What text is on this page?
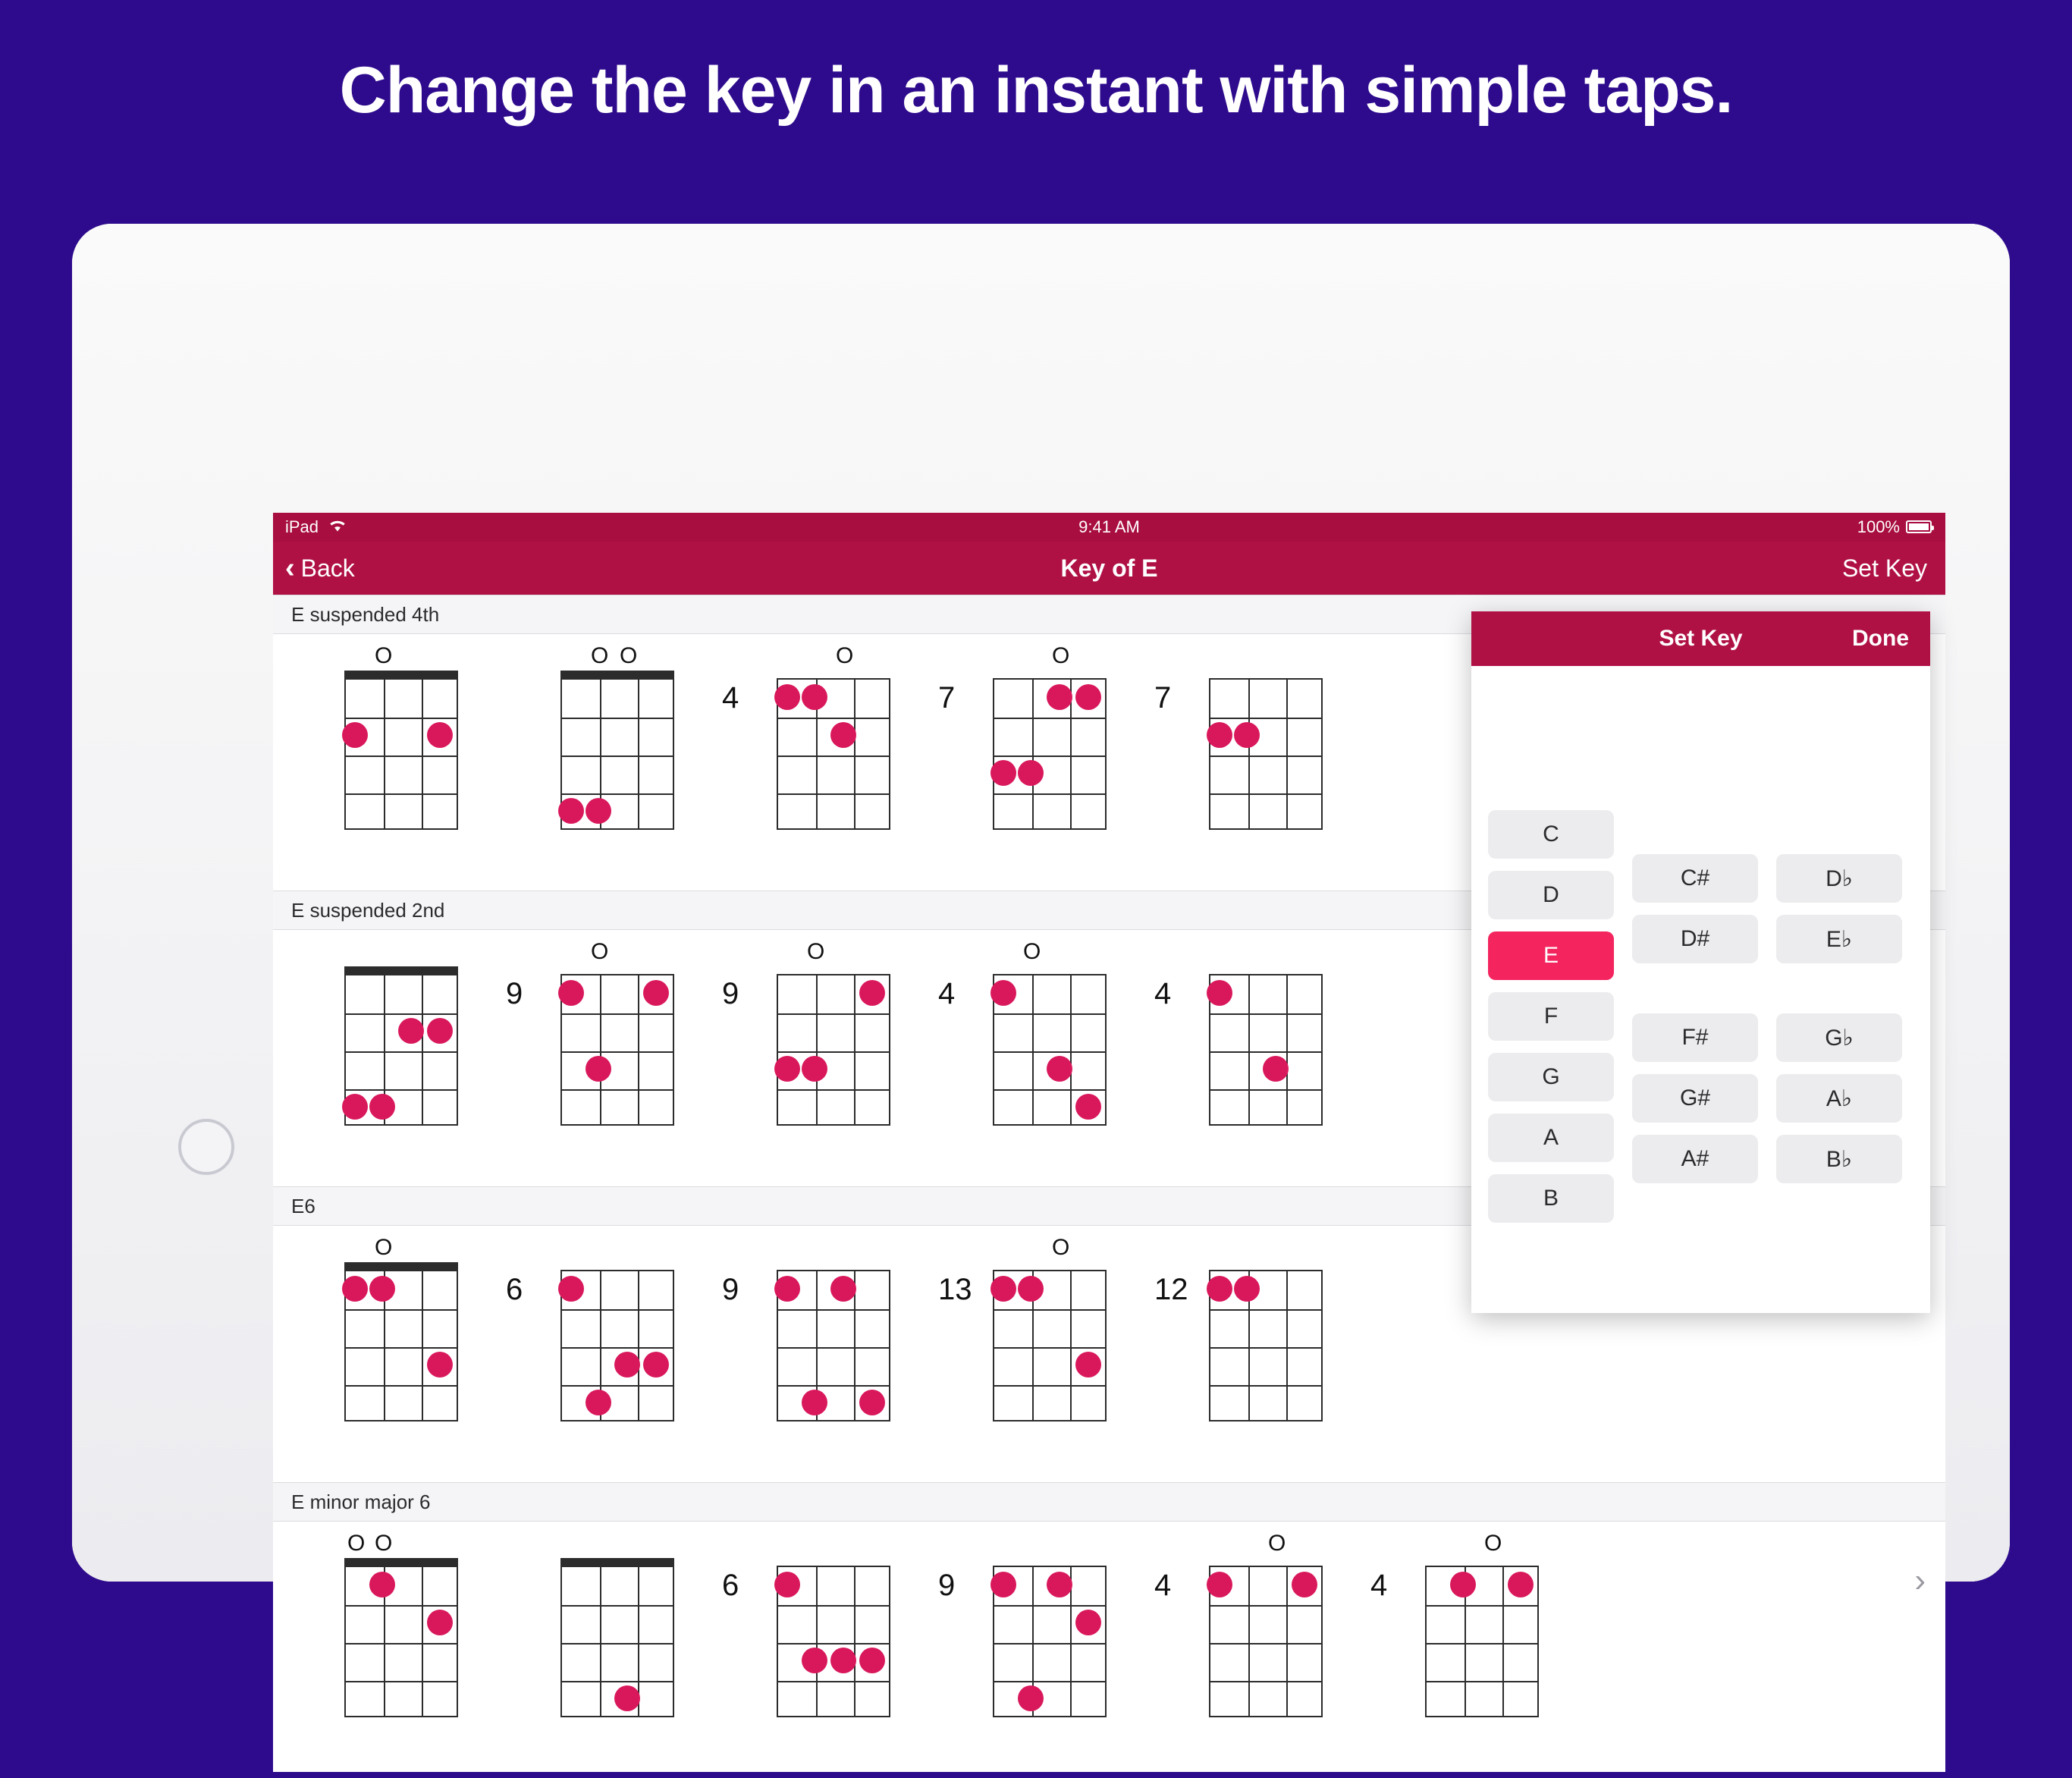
Change the key in an instant with simple taps.
iPad	9:41 AM	100%
‹ Back	Key of E	Set Key
E suspended 4th
O	O O
4
O
7
O
7
E suspended 2nd
9
O
9
O
4
O
4
E6
O
6	9	13
O
12
E minor major 6
O O
6	9	4
O
4
O
›
Set Key	Done
C
D
E
F
G
A
B
C#	D♭
D#	E♭
F#	G♭
G#	A♭
A#	B♭
